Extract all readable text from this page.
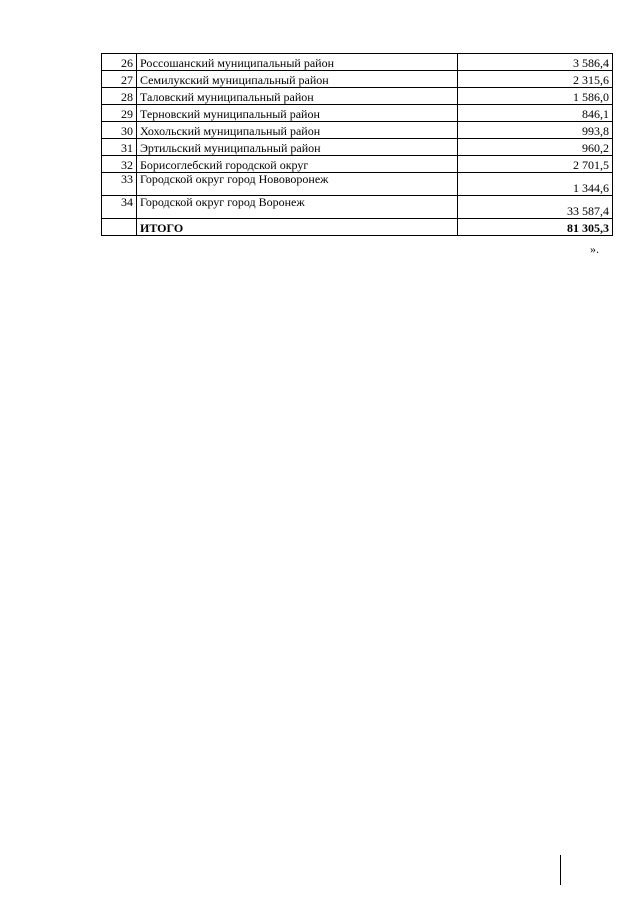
26	Россошанский муниципальный район	3 586,4
27	Семилукский муниципальный район	2 315,6
28	Таловский муниципальный район	1 586,0
29	Терновский муниципальный район	846,1
30	Хохольский муниципальный район	993,8
31	Эртильский муниципальный район	960,2
32	Борисоглебский городской округ	2 701,5
33	Городской округ город Нововоронеж	1 344,6
34	Городской округ город Воронеж	33 587,4
	ИТОГО	81 305,3
».
